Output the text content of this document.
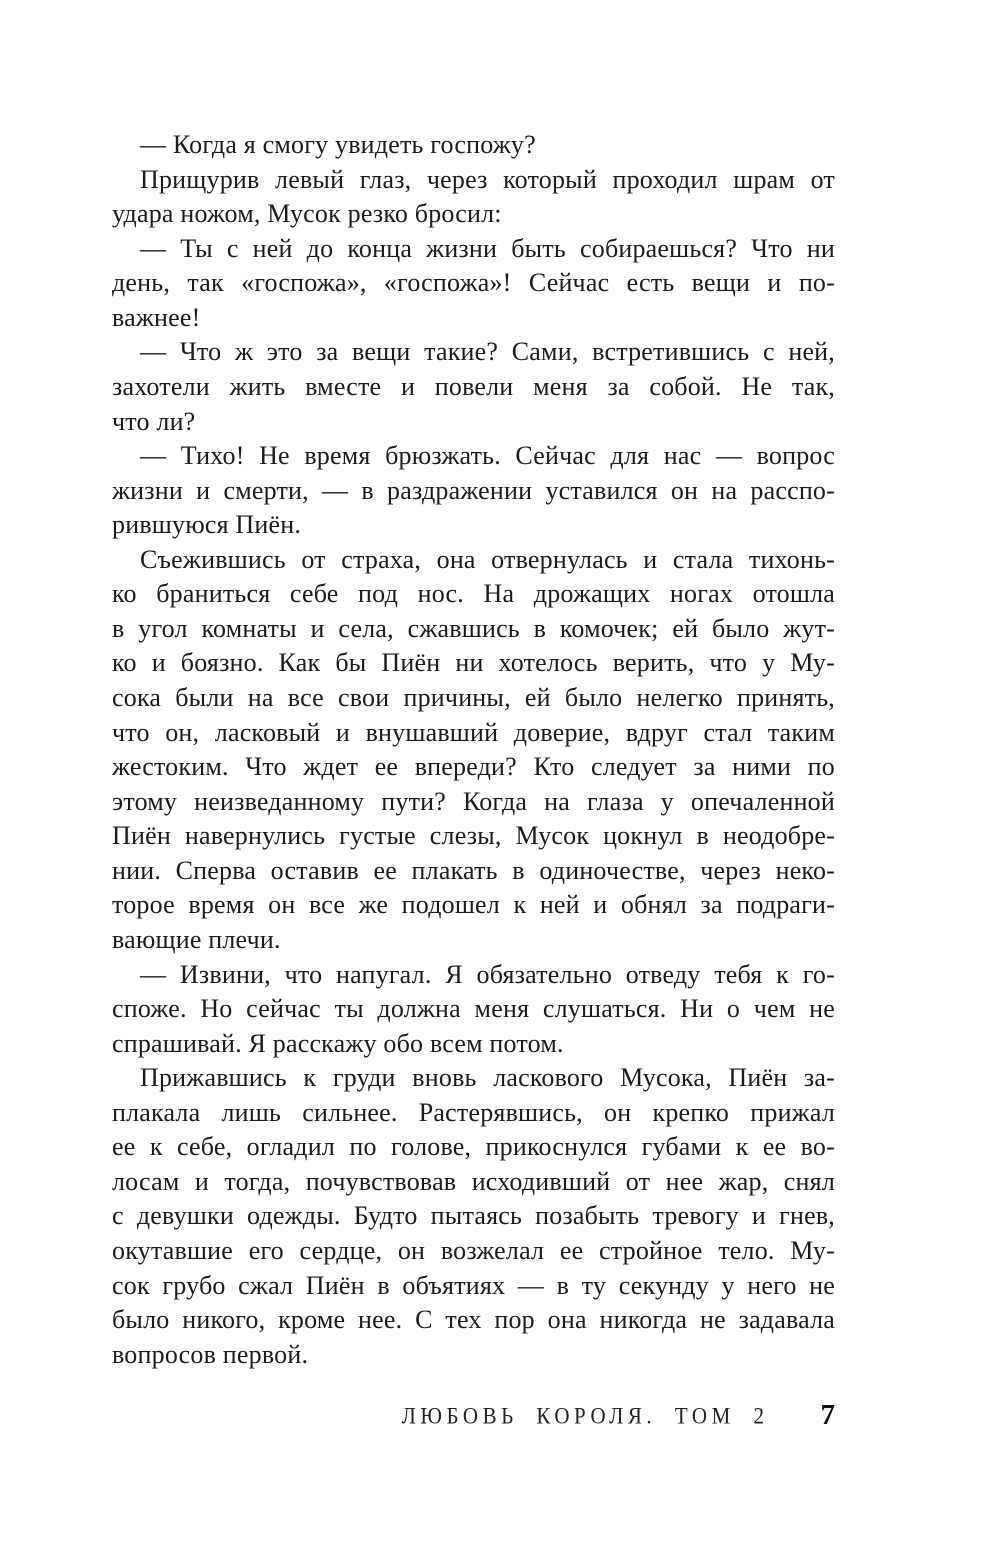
— Когда я смогу увидеть госпожу?
Прищурив левый глаз, через который проходил шрам от
удара ножом, Мусок резко бросил:
— Ты с ней до конца жизни быть собираешься? Что ни
день, так «госпожа», «госпожа»! Сейчас есть вещи и по-
важнее!
— Что ж это за вещи такие? Сами, встретившись с ней,
захотели жить вместе и повели меня за собой. Не так,
что ли?
— Тихо! Не время брюзжать. Сейчас для нас — вопрос
жизни и смерти, — в раздражении уставился он на расспо-
рившуюся Пиён.
Съежившись от страха, она отвернулась и стала тихонь-
ко браниться себе под нос. На дрожащих ногах отошла
в угол комнаты и села, сжавшись в комочек; ей было жут-
ко и боязно. Как бы Пиён ни хотелось верить, что у Му-
сока были на все свои причины, ей было нелегко принять,
что он, ласковый и внушавший доверие, вдруг стал таким
жестоким. Что ждет ее впереди? Кто следует за ними по
этому неизведанному пути? Когда на глаза у опечаленной
Пиён навернулись густые слезы, Мусок цокнул в неодобре-
нии. Сперва оставив ее плакать в одиночестве, через неко-
торое время он все же подошел к ней и обнял за подраги-
вающие плечи.
— Извини, что напугал. Я обязательно отведу тебя к го-
споже. Но сейчас ты должна меня слушаться. Ни о чем не
спрашивай. Я расскажу обо всем потом.
Прижавшись к груди вновь ласкового Мусока, Пиён за-
плакала лишь сильнее. Растерявшись, он крепко прижал
ее к себе, огладил по голове, прикоснулся губами к ее во-
лосам и тогда, почувствовав исходивший от нее жар, снял
с девушки одежды. Будто пытаясь позабыть тревогу и гнев,
окутавшие его сердце, он возжелал ее стройное тело. Му-
сок грубо сжал Пиён в объятиях — в ту секунду у него не
было никого, кроме нее. С тех пор она никогда не задавала
вопросов первой.
ЛЮБОВЬ КОРОЛЯ. ТОМ 2 7
